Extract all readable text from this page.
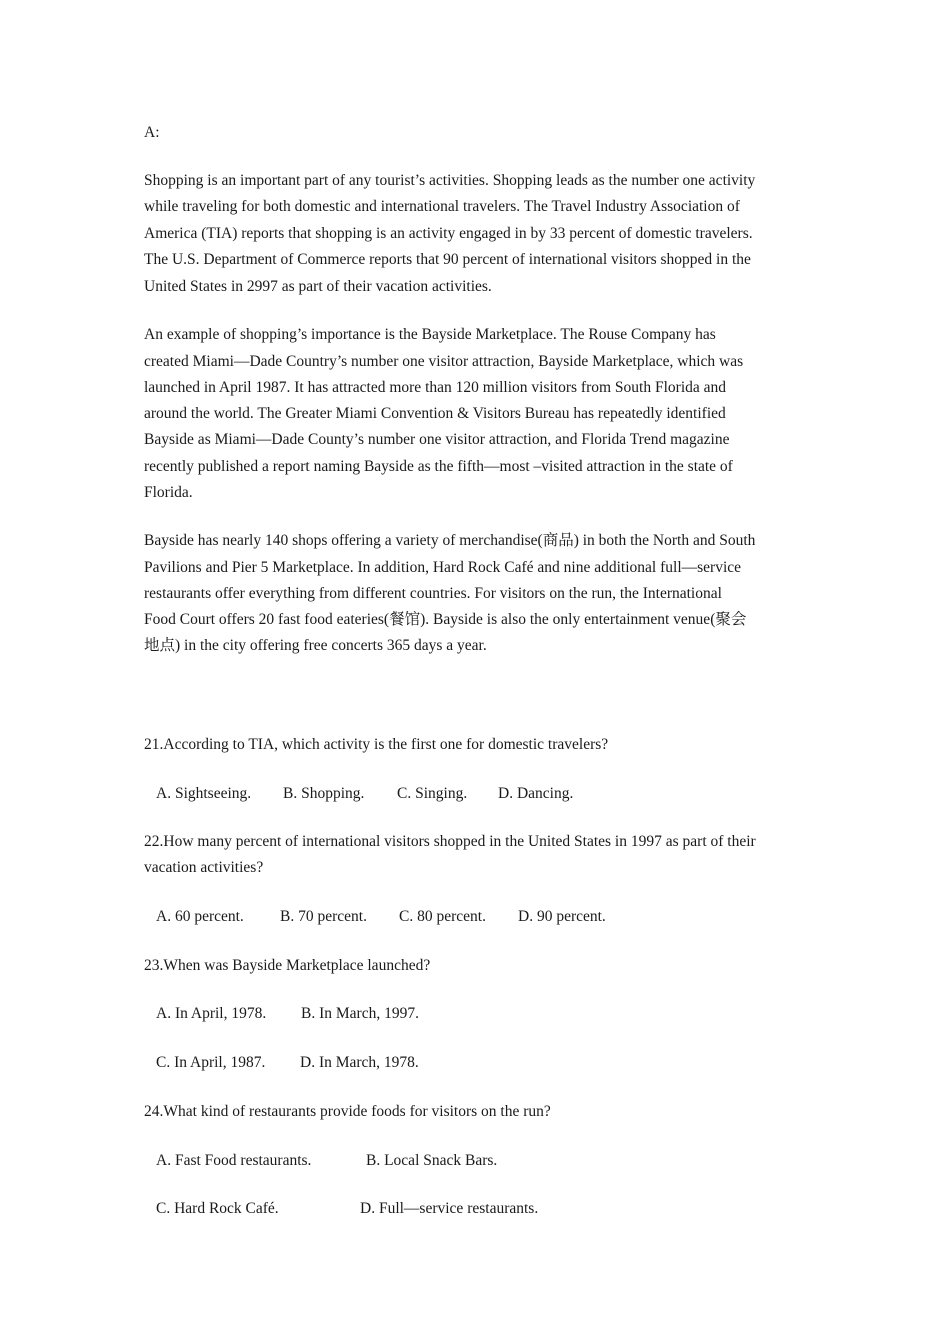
A:
Shopping is an important part of any tourist’s activities. Shopping leads as the number one activity
while traveling for both domestic and international travelers. The Travel Industry Association of
America (TIA) reports that shopping is an activity engaged in by 33 percent of domestic travelers.
The U.S. Department of Commerce reports that 90 percent of international visitors shopped in the
United States in 2997 as part of their vacation activities.
An example of shopping’s importance is the Bayside Marketplace. The Rouse Company has
created Miami—Dade Country’s number one visitor attraction, Bayside Marketplace, which was
launched in April 1987. It has attracted more than 120 million visitors from South Florida and
around the world. The Greater Miami Convention & Visitors Bureau has repeatedly identified
Bayside as Miami—Dade County’s number one visitor attraction, and Florida Trend magazine
recently published a report naming Bayside as the fifth—most –visited attraction in the state of
Florida.
Bayside has nearly 140 shops offering a variety of merchandise(商品) in both the North and South
Pavilions and Pier 5 Marketplace. In addition, Hard Rock Café and nine additional full—service
restaurants offer everything from different countries. For visitors on the run, the International
Food Court offers 20 fast food eateries(餐馆). Bayside is also the only entertainment venue(聚会
地点) in the city offering free concerts 365 days a year.
21.According to TIA, which activity is the first one for domestic travelers?
A. Sightseeing. B. Shopping. C. Singing. D. Dancing.
22.How many percent of international visitors shopped in the United States in 1997 as part of their
vacation activities?
A. 60 percent. B. 70 percent. C. 80 percent. D. 90 percent.
23.When was Bayside Marketplace launched?
A. In April, 1978. B. In March, 1997.
C. In April, 1987. D. In March, 1978.
24.What kind of restaurants provide foods for visitors on the run?
A. Fast Food restaurants.	B. Local Snack Bars.
C. Hard Rock Café.	D. Full—service restaurants.
